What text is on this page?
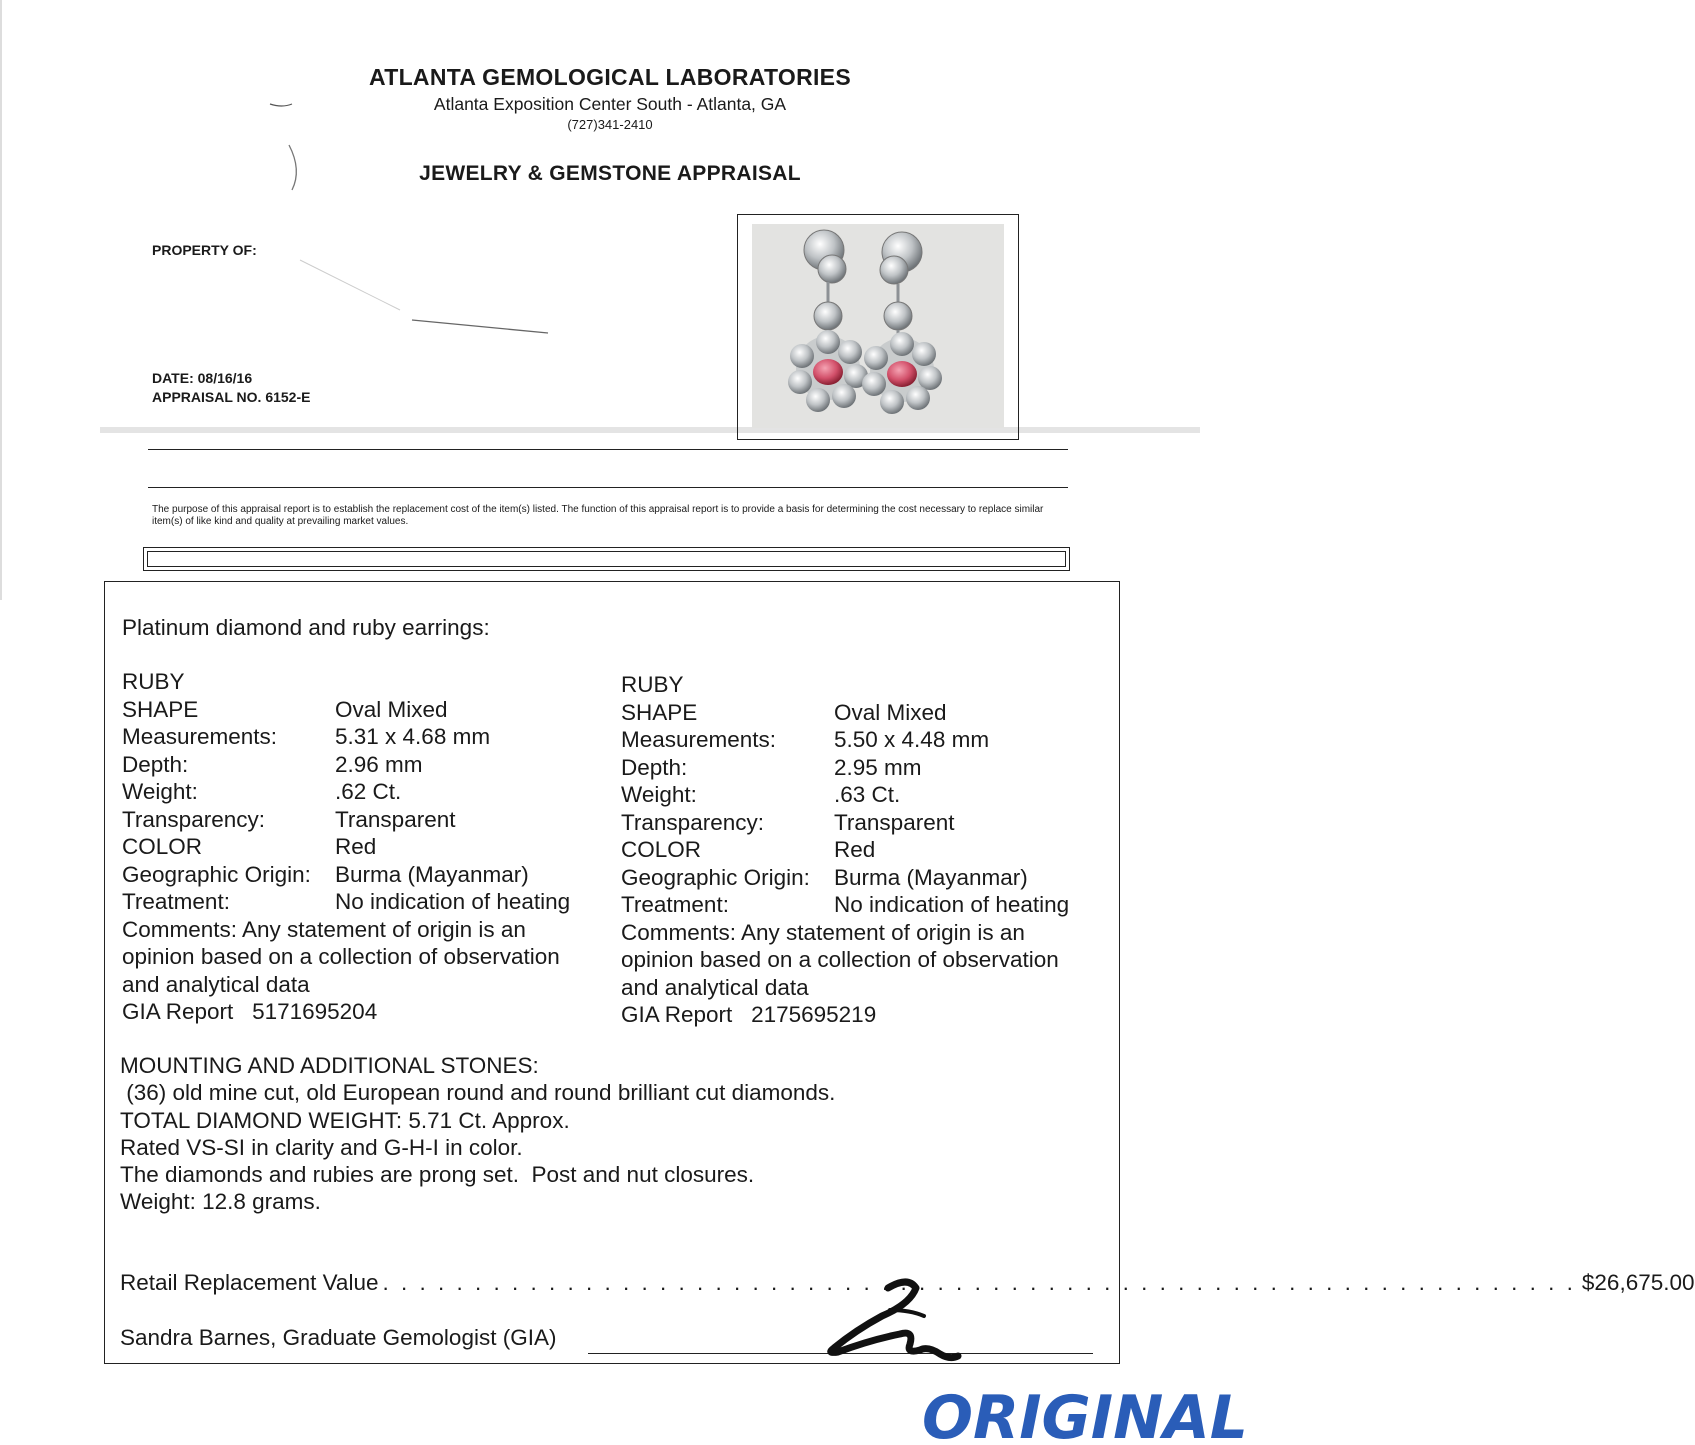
ATLANTA GEMOLOGICAL LABORATORIES
Atlanta Exposition Center South - Atlanta, GA
(727)341-2410
JEWELRY & GEMSTONE APPRAISAL
PROPERTY OF:
DATE: 08/16/16
APPRAISAL NO. 6152-E
The purpose of this appraisal report is to establish the replacement cost of the item(s) listed. The function of this appraisal report is to provide a basis for determining the cost necessary to replace similar item(s) of like kind and quality at prevailing market values.
Platinum diamond and ruby earrings:
RUBY
SHAPE	Oval Mixed
Measurements:	5.31 x 4.68 mm
Depth:	2.96 mm
Weight:	.62 Ct.
Transparency:	Transparent
COLOR	Red
Geographic Origin:	Burma (Mayanmar)
Treatment:	No indication of heating
Comments: Any statement of origin is an opinion based on a collection of observation and analytical data
GIA Report 5171695204
RUBY
SHAPE	Oval Mixed
Measurements:	5.50 x 4.48 mm
Depth:	2.95 mm
Weight:	.63 Ct.
Transparency:	Transparent
COLOR	Red
Geographic Origin:	Burma (Mayanmar)
Treatment:	No indication of heating
Comments: Any statement of origin is an opinion based on a collection of observation and analytical data
GIA Report 2175695219
MOUNTING AND ADDITIONAL STONES:
(36) old mine cut, old European round and round brilliant cut diamonds.
TOTAL DIAMOND WEIGHT: 5.71 Ct. Approx.
Rated VS-SI in clarity and G-H-I in color.
The diamonds and rubies are prong set.  Post and nut closures.
Weight: 12.8 grams.
Retail Replacement Value . . . . . . . . . . . . . . . . . . . . . . . . . . . . . . . . . . . . . . . . . . . . . . . . . . . . . . . . . . . . . . . . . $26,675.00
Sandra Barnes, Graduate Gemologist (GIA)
ORIGINAL
